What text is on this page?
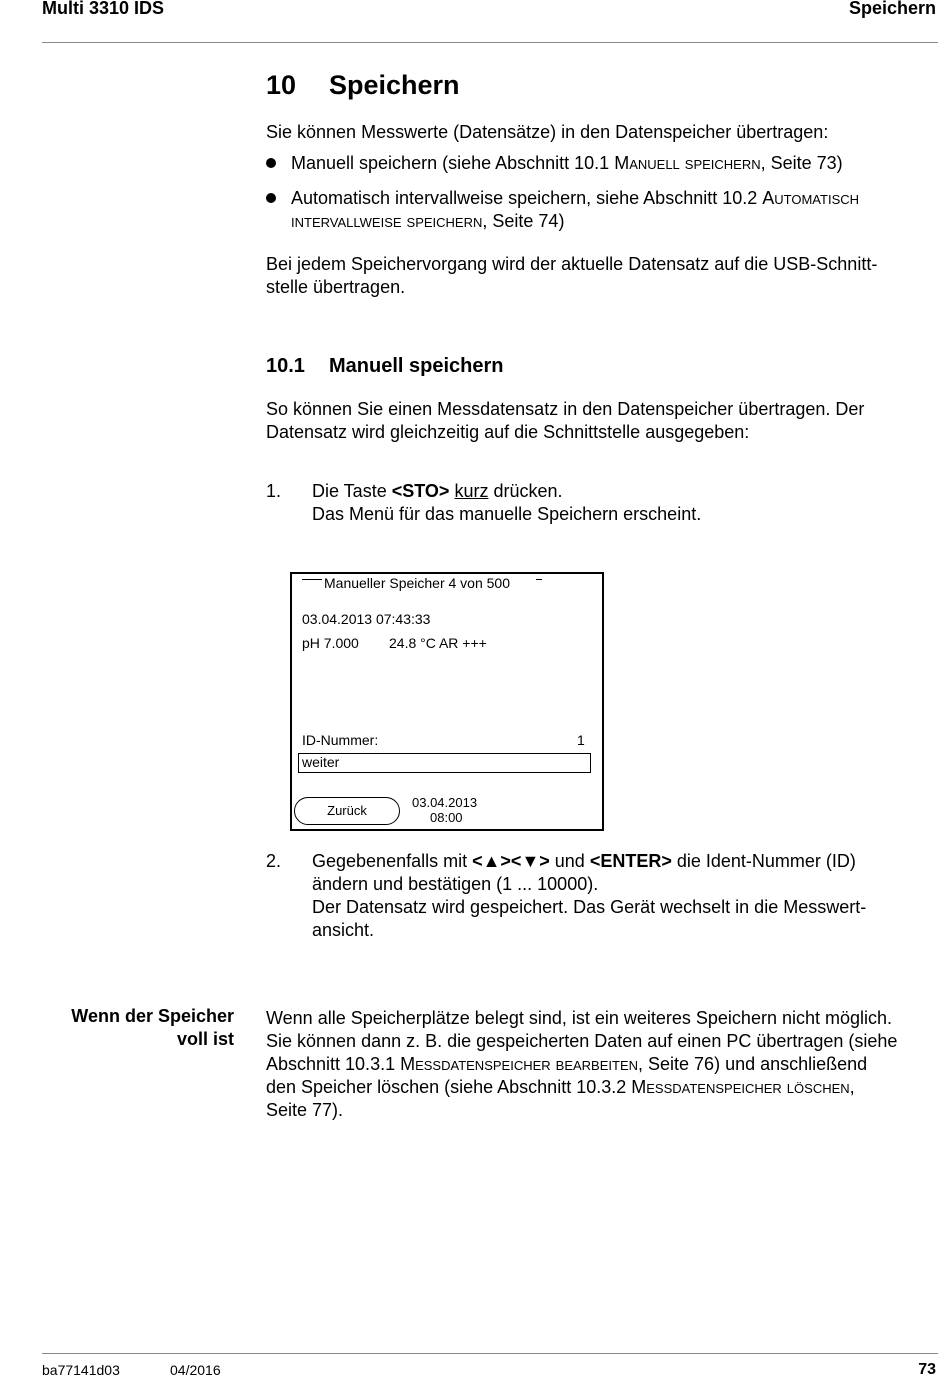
Multi 3310 IDS	Speichern
10 Speichern
Sie können Messwerte (Datensätze) in den Datenspeicher übertragen:
Manuell speichern (siehe Abschnitt 10.1 Manuell speichern, Seite 73)
Automatisch intervallweise speichern, siehe Abschnitt 10.2 Automatisch
intervallweise speichern, Seite 74)
Bei jedem Speichervorgang wird der aktuelle Datensatz auf die USB-Schnitt-
stelle übertragen.
10.1 Manuell speichern
So können Sie einen Messdatensatz in den Datenspeicher übertragen. Der
Datensatz wird gleichzeitig auf die Schnittstelle ausgegeben:
1. Die Taste <STO> kurz drücken.
Das Menü für das manuelle Speichern erscheint.
Manueller Speicher 4 von 500
03.04.2013 07:43:33
pH 7.000 24.8 °C AR +++
ID-Nummer:	1
weiter
Zurück
03.04.2013
08:00
2. Gegebenenfalls mit <▲><▼> und <ENTER> die Ident-Nummer (ID)
ändern und bestätigen (1 ... 10000).
Der Datensatz wird gespeichert. Das Gerät wechselt in die Messwert-
ansicht.
Wenn der Speicher
voll ist
Wenn alle Speicherplätze belegt sind, ist ein weiteres Speichern nicht möglich.
Sie können dann z. B. die gespeicherten Daten auf einen PC übertragen (siehe
Abschnitt 10.3.1 Messdatenspeicher bearbeiten, Seite 76) und anschließend
den Speicher löschen (siehe Abschnitt 10.3.2 Messdatenspeicher löschen,
Seite 77).
ba77141d03	04/2016	73
